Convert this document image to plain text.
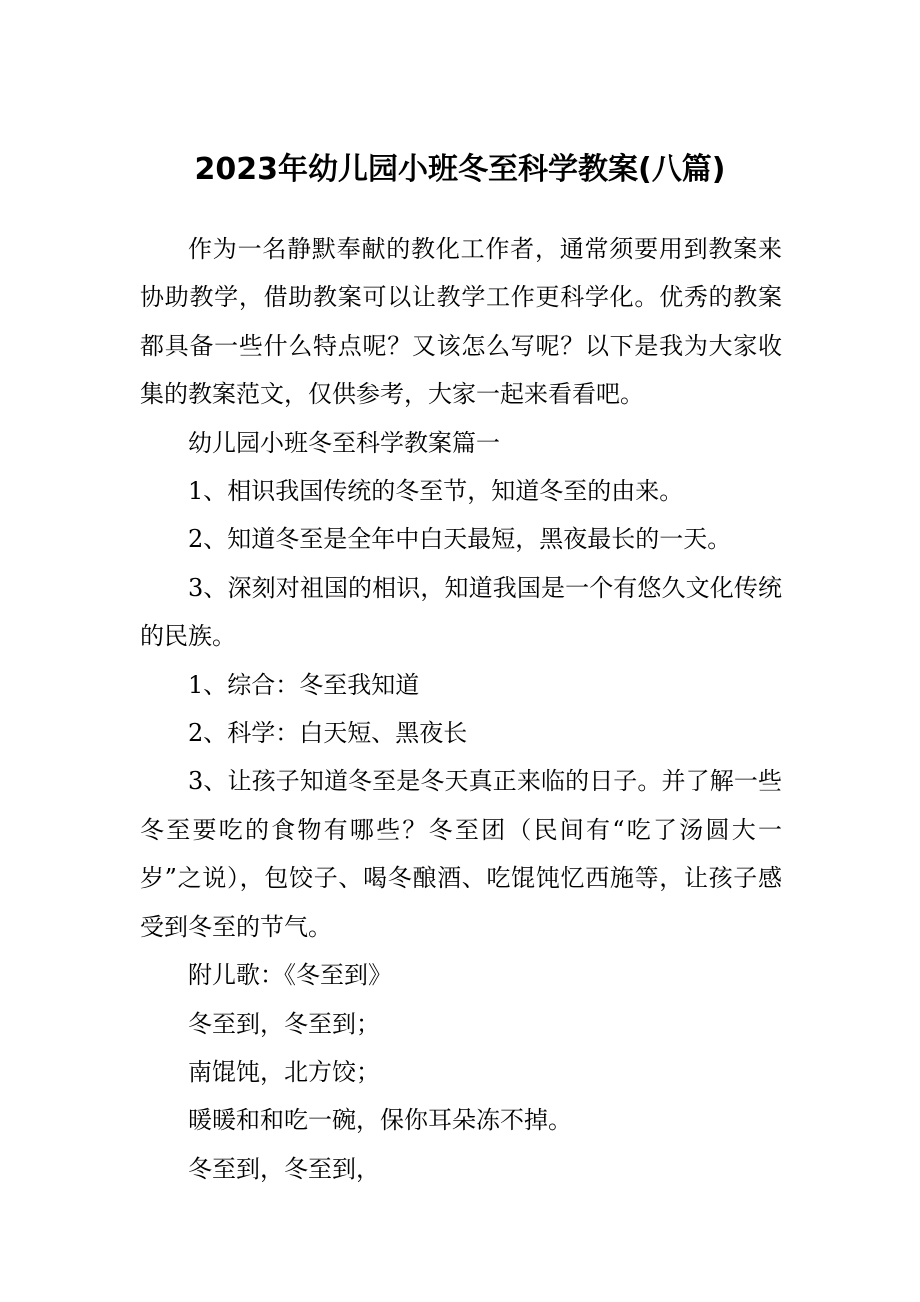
2023年幼儿园小班冬至科学教案(八篇)

作为一名静默奉献的教化工作者，通常须要用到教案来协助教学，借助教案可以让教学工作更科学化。优秀的教案都具备一些什么特点呢？又该怎么写呢？以下是我为大家收集的教案范文，仅供参考，大家一起来看看吧。

幼儿园小班冬至科学教案篇一

1、相识我国传统的冬至节，知道冬至的由来。

2、知道冬至是全年中白天最短，黑夜最长的一天。

3、深刻对祖国的相识，知道我国是一个有悠久文化传统的民族。

1、综合：冬至我知道

2、科学：白天短、黑夜长

3、让孩子知道冬至是冬天真正来临的日子。并了解一些冬至要吃的食物有哪些？冬至团（民间有“吃了汤圆大一岁”之说），包饺子、喝冬酿酒、吃馄饨忆西施等，让孩子感受到冬至的节气。

附儿歌：《冬至到》

冬至到，冬至到；

南馄饨，北方饺；

暖暖和和吃一碗，保你耳朵冻不掉。

冬至到，冬至到，
